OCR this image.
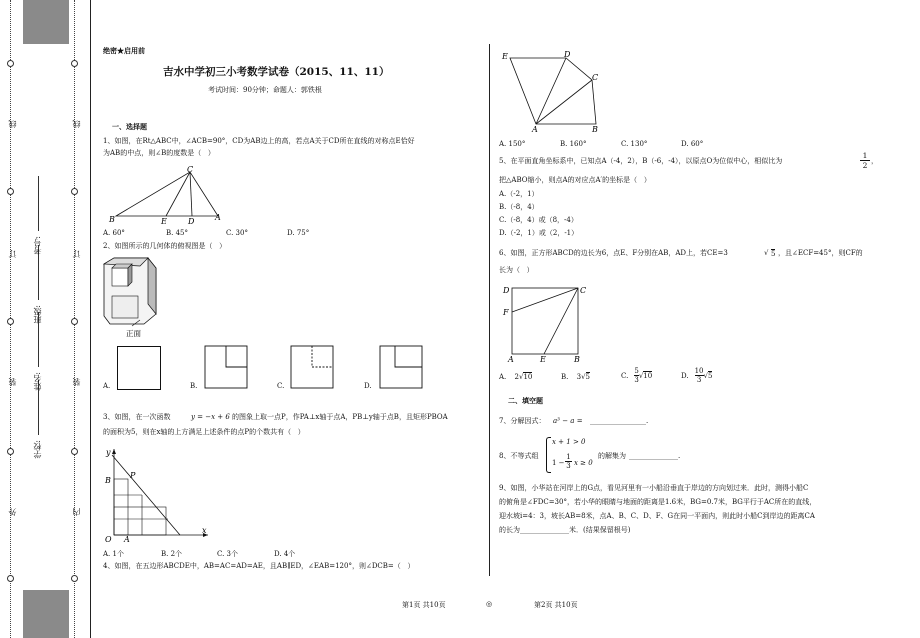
外
装
订
线
内
装
订
线
学校:
姓名:
班级:
考号:
绝密★启用前
吉水中学初三小考数学试卷（2015、11、11）
考试时间：90分钟；命题人：郭铁根
一、选择题
1、如图，在Rt△ABC中，∠ACB=90°，CD为AB边上的高，若点A关于CD所在直线的对称点E恰好
为AB的中点，则∠B的度数是（   ）
C
B	E	D	A
A. 60°	B. 45°	C. 30°	D. 75°
2、如图所示的几何体的俯视图是（   ）
正面
A.	B.	C.	D.
3、如图，在一次函数	y = −x + 6 的图象上取一点P，作PA⊥x轴于点A，PB⊥y轴于点B，且矩形PBOA
的面积为5，则在x轴的上方满足上述条件的点P的个数共有（   ）
y
P
B
O A
x
A. 1个	B. 2个	C. 3个	D. 4个
4、如图，在五边形ABCDE中，AB=AC=AD=AE，且AB∥ED，∠EAB=120°，则∠DCB=（   ）
E	D
C
A	B
A. 150°	B. 160°	C. 130°	D. 60°
5、在平面直角坐标系中，已知点A（-4，2），B（-6，-4），以原点O为位似中心，相似比为	$\frac{1}{2}$ ，
把△ABO缩小，则点A的对应点A′的坐标是（   ）
A.（-2，1）
B.（-8，4）
C.（-8，4）或（8，-4）
D.（-2，1）或（2，-1）
6、如图，正方形ABCD的边长为6，点E、F分别在AB，AD上，若CE=3	√ 5 ，且∠ECF=45°，则CF的
长为（   ）
D	C
F
A	E	B
A. 2√10	B. 3√5	C. $\frac{5}{3}$ √ 10	D. $\frac{10}{3}$ √ 5
二、填空题
7、分解因式： a³ − a = ________________.
8、不等式组
x + 1 > 0
$1 - \frac{1}{3}$ x ≥ 0
的解集为 ______________.
9、如图，小华站在河岸上的G点，看见河里有一小船沿垂直于岸边的方向划过来．此时，测得小船C
的俯角是∠FDC=30°，若小华的眼睛与地面的距离是1.6米，BG=0.7米，BG平行于AC所在的直线，
迎水坡i=4：3，坡长AB=8米，点A、B、C、D、F、G在同一平面内，则此时小船C到岸边的距离CA
的长为______________米．(结果保留根号)
第1页 共10页	◎	第2页 共10页
